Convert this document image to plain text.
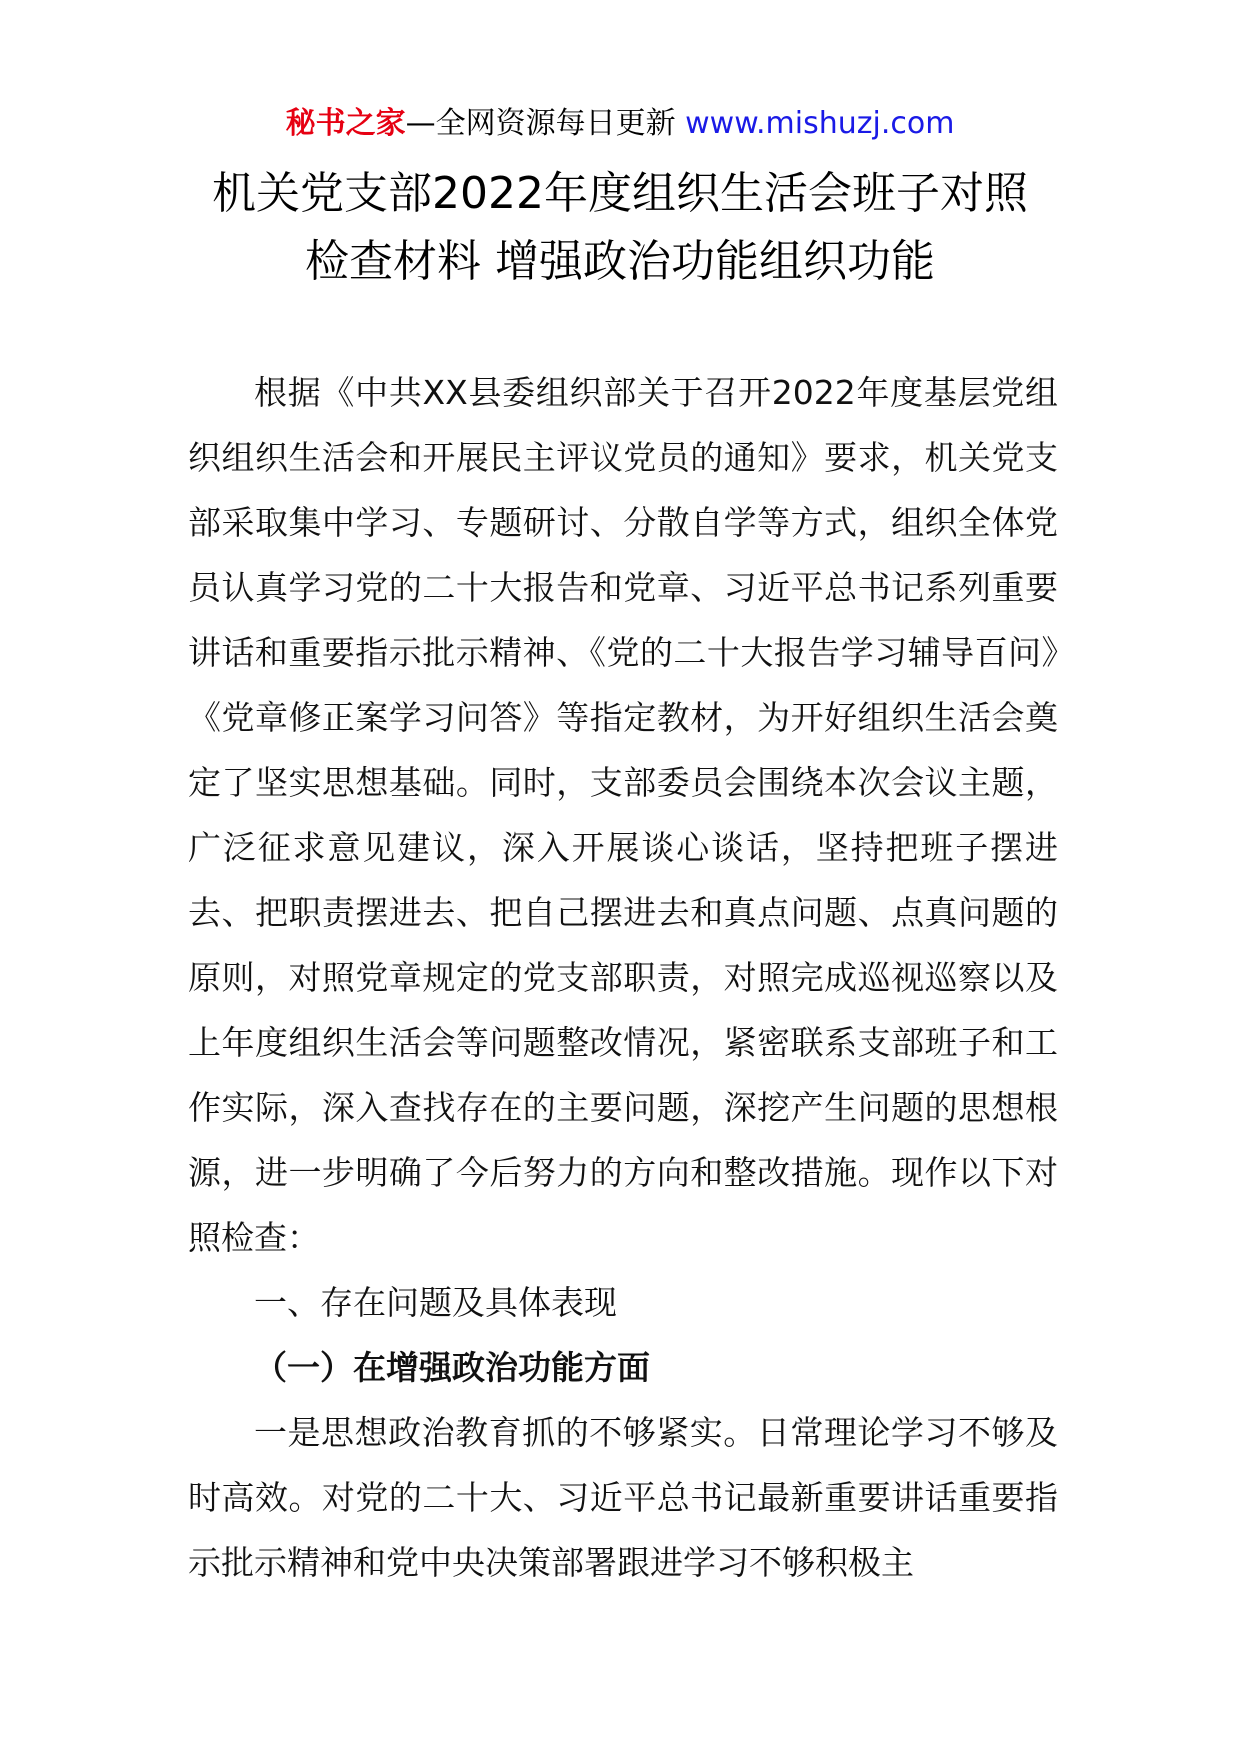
秘书之家—全网资源每日更新 www.mishuzj.com
机关党支部2022年度组织生活会班子对照
检查材料 增强政治功能组织功能

根据《中共XX县委组织部关于召开2022年度基层党组织组织生活会和开展民主评议党员的通知》要求，机关党支部采取集中学习、专题研讨、分散自学等方式，组织全体党员认真学习党的二十大报告和党章、习近平总书记系列重要讲话和重要指示批示精神、《党的二十大报告学习辅导百问》《党章修正案学习问答》等指定教材，为开好组织生活会奠定了坚实思想基础。同时，支部委员会围绕本次会议主题，广泛征求意见建议，深入开展谈心谈话，坚持把班子摆进去、把职责摆进去、把自己摆进去和真点问题、点真问题的原则，对照党章规定的党支部职责，对照完成巡视巡察以及上年度组织生活会等问题整改情况，紧密联系支部班子和工作实际，深入查找存在的主要问题，深挖产生问题的思想根源，进一步明确了今后努力的方向和整改措施。现作以下对照检查：

一、存在问题及具体表现

（一）在增强政治功能方面

一是思想政治教育抓的不够紧实。日常理论学习不够及时高效。对党的二十大、习近平总书记最新重要讲话重要指示批示精神和党中央决策部署跟进学习不够积极主
